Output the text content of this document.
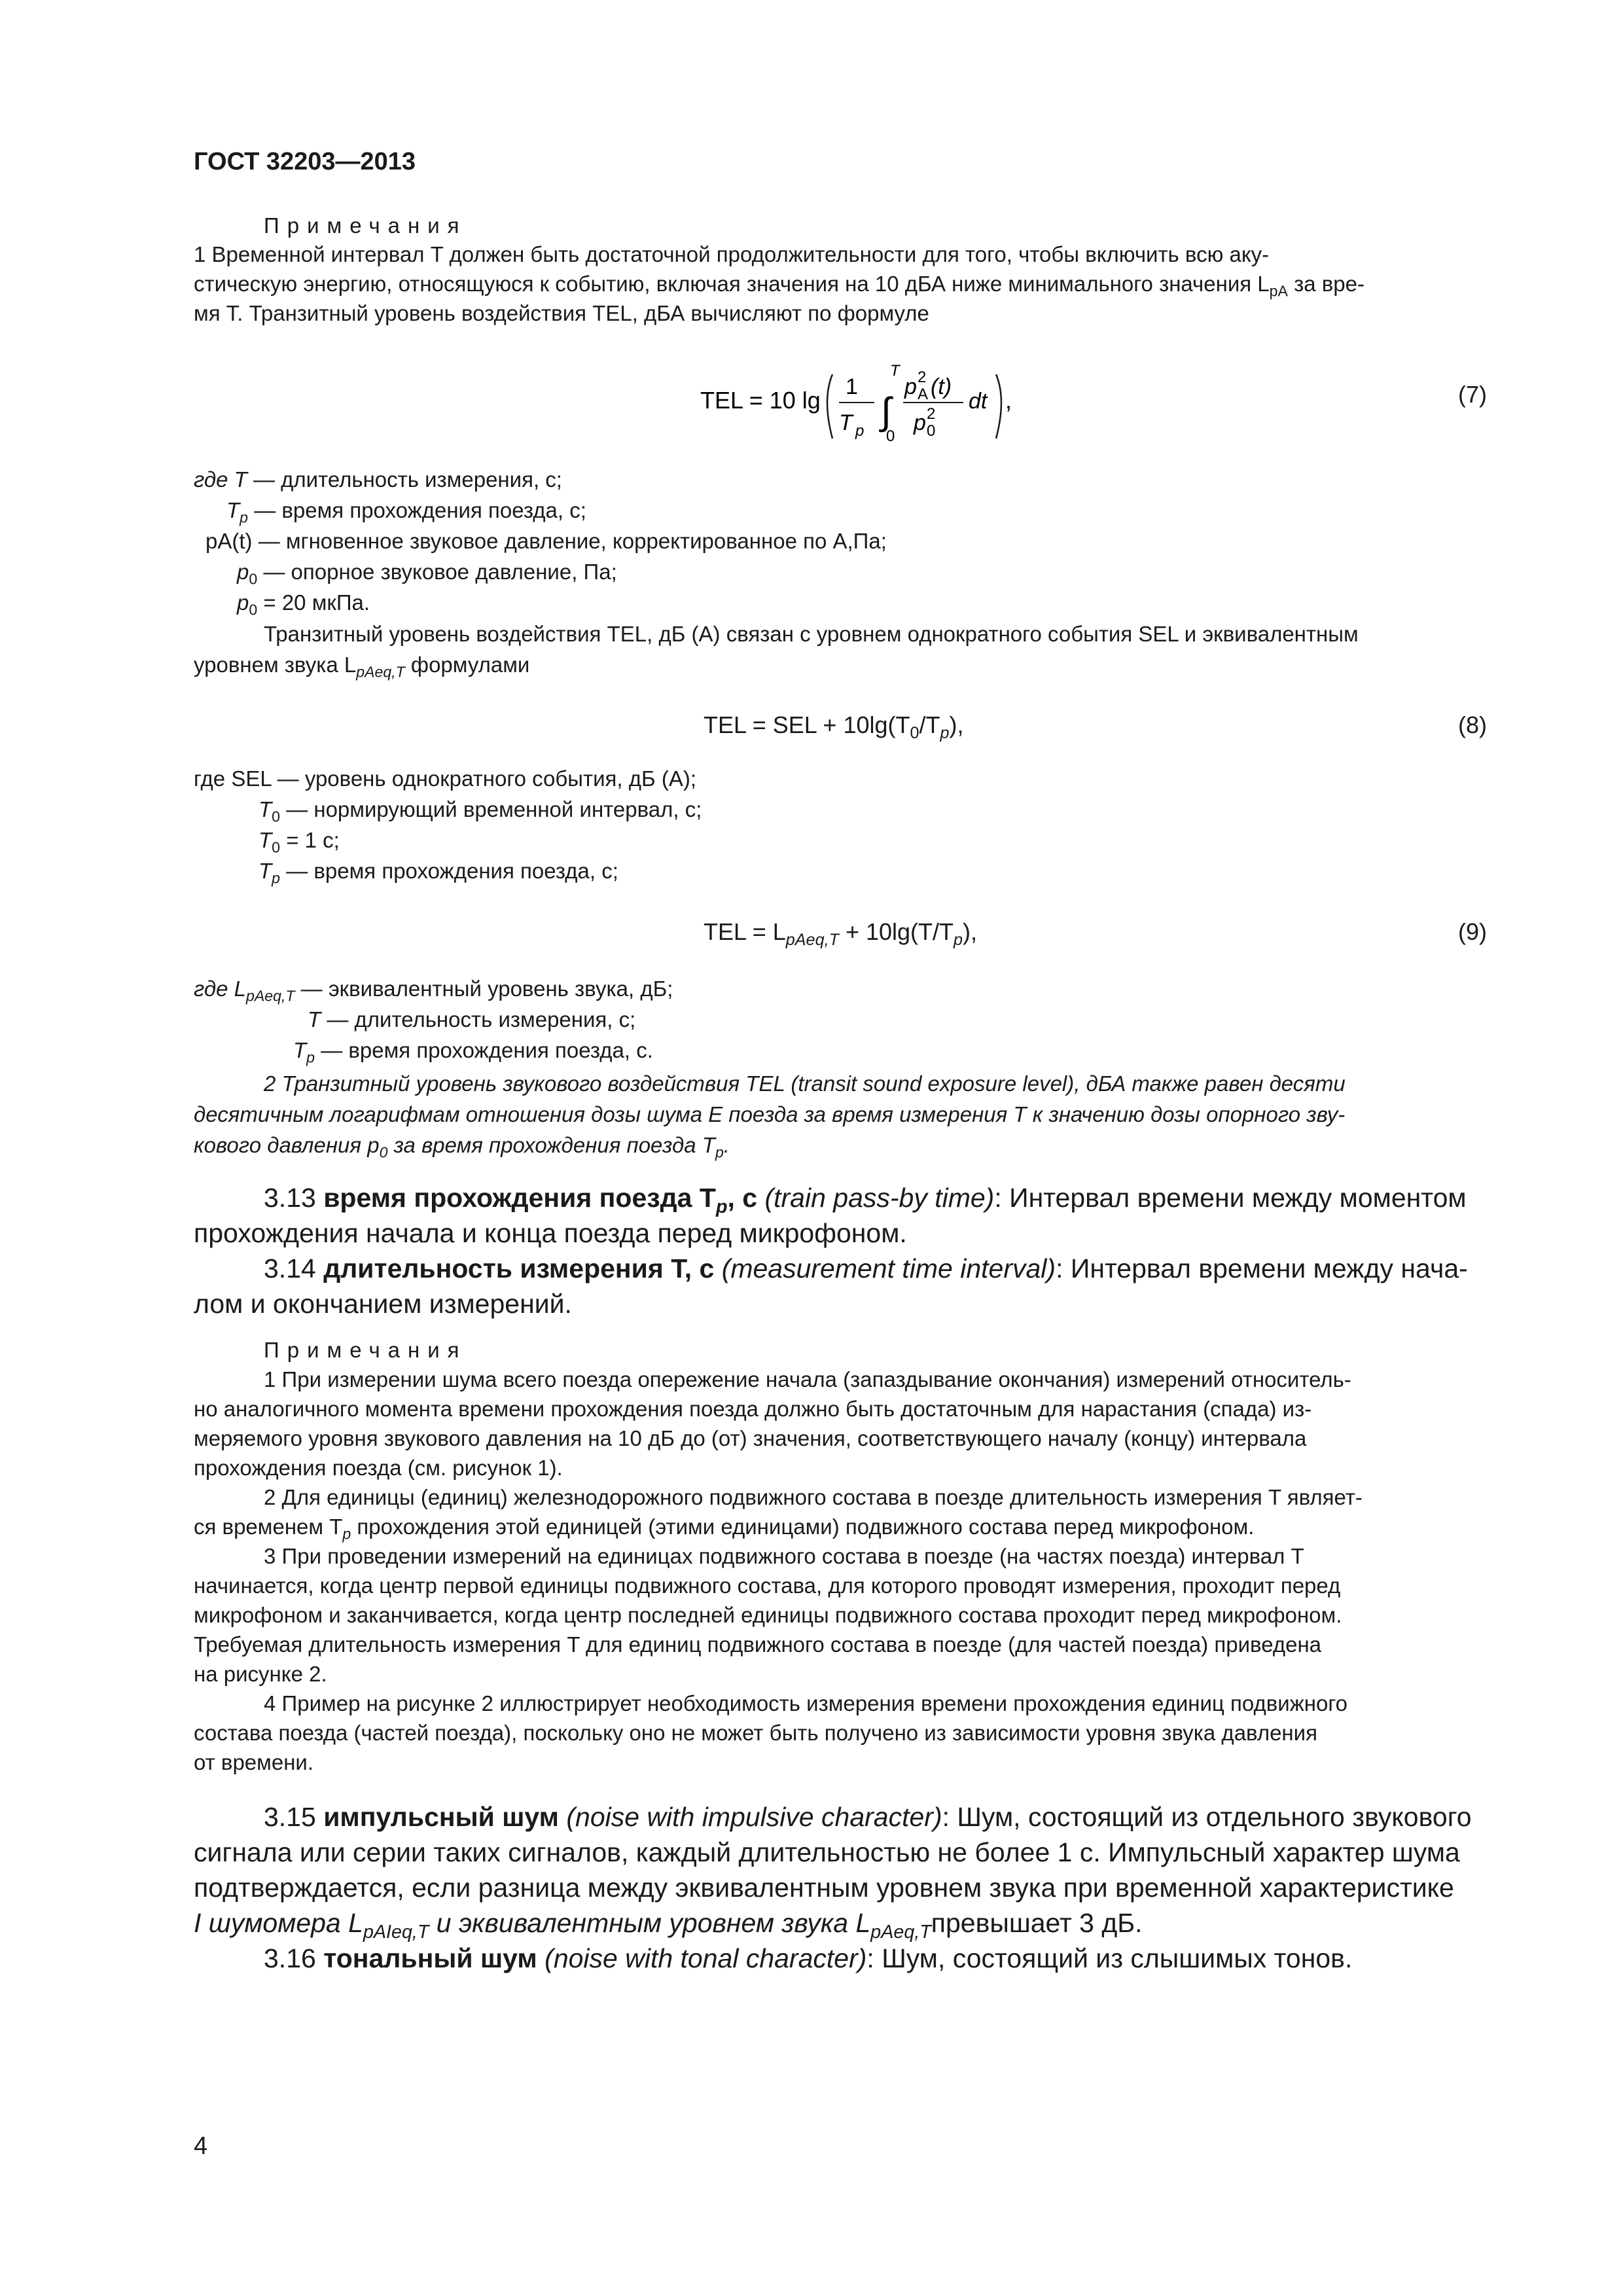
ГОСТ 32203—2013
Примечания
1 Временной интервал T должен быть достаточной продолжительности для того, чтобы включить всю аку-
стическую энергию, относящуюся к событию, включая значения на 10 дБА ниже минимального значения $L_{pA}$ за вре-
мя T. Транзитный уровень воздействия TEL, дБА вычисляют по формуле
TEL = 10 lg 1
T p ∫
T
0
p 2
A (t)
p 2
0
dt ,	(7)
где T — длительность измерения, с;
$T_p$ — время прохождения поезда, с;
pA(t) — мгновенное звуковое давление, корректированное по А,Па;
$p_0$ — опорное звуковое давление, Па;
$p_0 = 20$ мкПа.
Транзитный уровень воздействия TEL, дБ (А) связан с уровнем однократного события SEL и эквивалентным
уровнем звука $L_{pAeq,T}$ формулами
TEL = SEL + $10\lg(T_0/T_p)$,	(8)
где SEL — уровень однократного события, дБ (А);
$T_0$ — нормирующий временной интервал, с;
$T_0 = 1$ с;
$T_p$ — время прохождения поезда, с;
TEL = $L_{pAeq,T} + 10\lg(T/T_p)$,	(9)
где $L_{pAeq,T}$ — эквивалентный уровень звука, дБ;
T — длительность измерения, с;
$T_p$ — время прохождения поезда, с.
2 Транзитный уровень звукового воздействия TEL (transit sound exposure level), дБА также равен десяти
десятичным логарифмам отношения дозы шума E поезда за время измерения T к значению дозы опорного зву-
кового давления $p_0$ за время прохождения поезда $T_p$.
3.13 время прохождения поезда $T_p$, с (train pass-by time): Интервал времени между моментом
прохождения начала и конца поезда перед микрофоном.
3.14 длительность измерения T, с (measurement time interval): Интервал времени между нача-
лом и окончанием измерений.
Примечания
1 При измерении шума всего поезда опережение начала (запаздывание окончания) измерений относитель-
но аналогичного момента времени прохождения поезда должно быть достаточным для нарастания (спада) из-
меряемого уровня звукового давления на 10 дБ до (от) значения, соответствующего началу (концу) интервала
прохождения поезда (см. рисунок 1).
2 Для единицы (единиц) железнодорожного подвижного состава в поезде длительность измерения T являет-
ся временем $T_p$ прохождения этой единицей (этими единицами) подвижного состава перед микрофоном.
3 При проведении измерений на единицах подвижного состава в поезде (на частях поезда) интервал T
начинается, когда центр первой единицы подвижного состава, для которого проводят измерения, проходит перед
микрофоном и заканчивается, когда центр последней единицы подвижного состава проходит перед микрофоном.
Требуемая длительность измерения T для единиц подвижного состава в поезде (для частей поезда) приведена
на рисунке 2.
4 Пример на рисунке 2 иллюстрирует необходимость измерения времени прохождения единиц подвижного
состава поезда (частей поезда), поскольку оно не может быть получено из зависимости уровня звука давления
от времени.
3.15 импульсный шум (noise with impulsive character): Шум, состоящий из отдельного звукового
сигнала или серии таких сигналов, каждый длительностью не более 1 с. Импульсный характер шума
подтверждается, если разница между эквивалентным уровнем звука при временной характеристике
I шумомера $L_{pAIeq,T}$ и эквивалентным уровнем звука $L_{pAeq,T}превышает$ 3 дБ.
3.16 тональный шум (noise with tonal character): Шум, состоящий из слышимых тонов.
4
